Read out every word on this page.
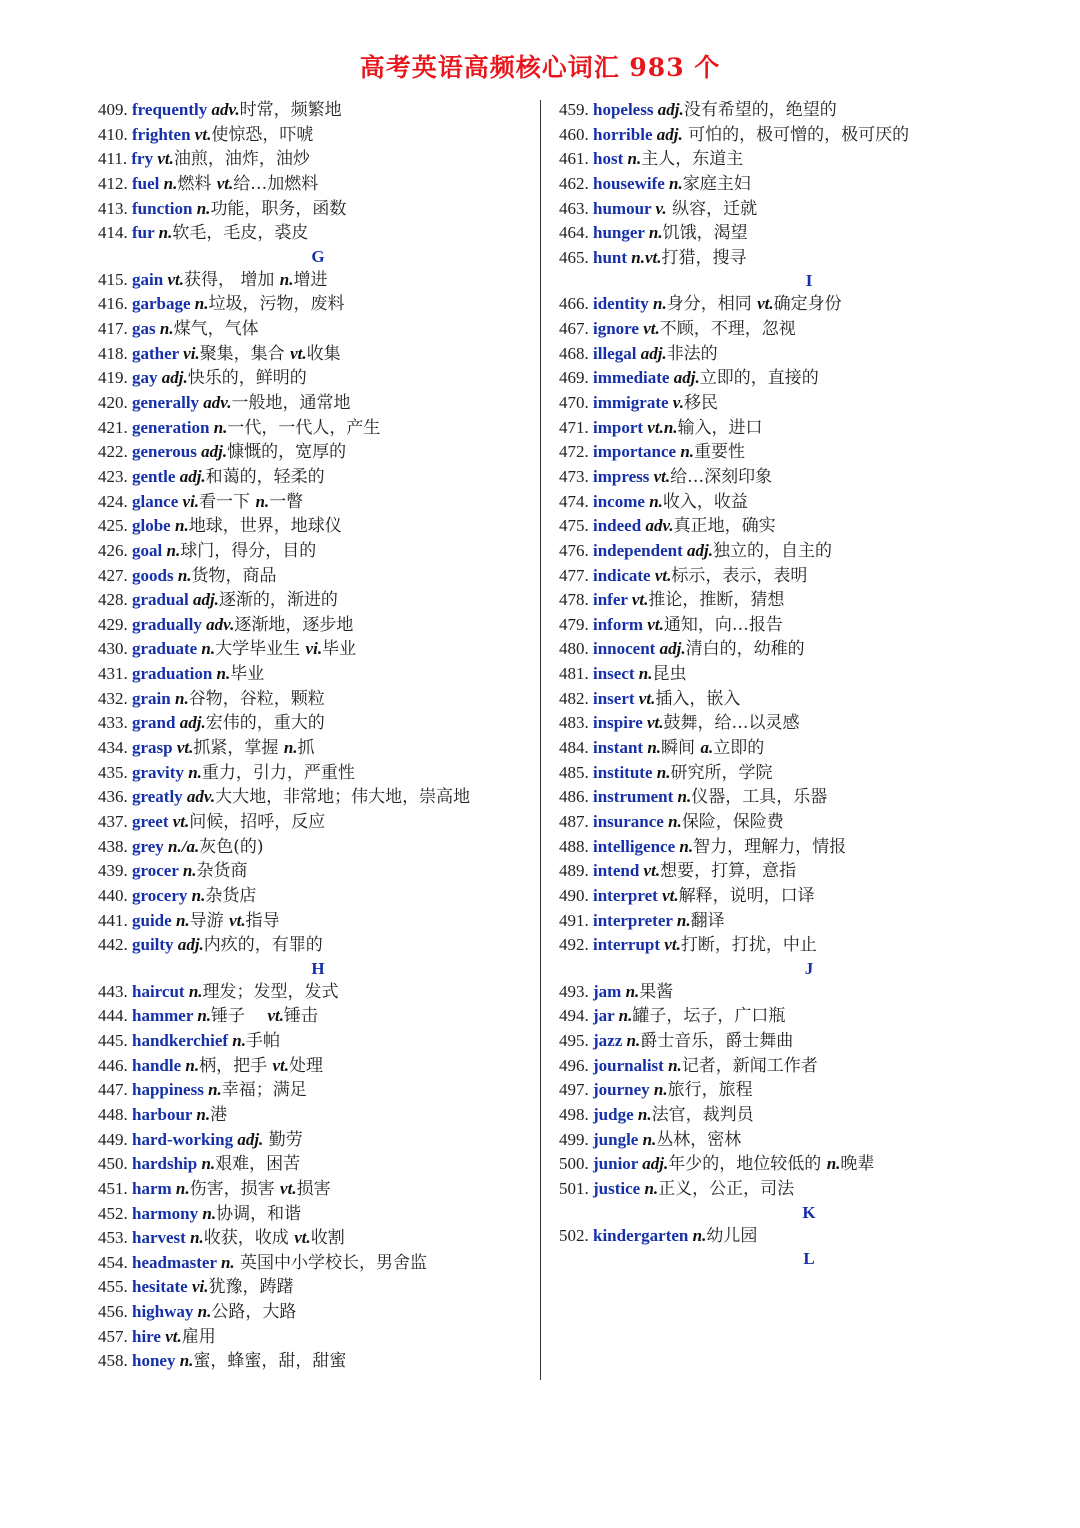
高考英语高频核心词汇 983 个
409. frequently adv.时常，频繁地
410. frighten vt.使惊恐，吓唬
411. fry vt.油煎，油炸，油炒
412. fuel n.燃料 vt.给…加燃料
413. function n.功能，职务，函数
414. fur n.软毛，毛皮，裘皮
G
415. gain vt.获得， 增加 n.增进
416. garbage n.垃圾，污物，废料
417. gas n.煤气，气体
418. gather vi.聚集，集合 vt.收集
419. gay adj.快乐的，鲜明的
420. generally adv.一般地，通常地
421. generation n.一代，一代人，产生
422. generous adj.慷慨的，宽厚的
423. gentle adj.和蔼的，轻柔的
424. glance vi.看一下 n.一瞥
425. globe n.地球，世界，地球仪
426. goal n.球门，得分，目的
427. goods n.货物，商品
428. gradual adj.逐渐的，渐进的
429. gradually adv.逐渐地，逐步地
430. graduate n.大学毕业生 vi.毕业
431. graduation n.毕业
432. grain n.谷物，谷粒，颗粒
433. grand adj.宏伟的，重大的
434. grasp vt.抓紧，掌握 n.抓
435. gravity n.重力，引力，严重性
436. greatly adv.大大地，非常地；伟大地，崇高地
437. greet vt.问候，招呼，反应
438. grey n./a.灰色(的)
439. grocer n.杂货商
440. grocery n.杂货店
441. guide n.导游 vt.指导
442. guilty adj.内疚的，有罪的
H
443. haircut n.理发；发型，发式
444. hammer n.锤子 　vt.锤击
445. handkerchief n.手帕
446. handle n.柄，把手 vt.处理
447. happiness n.幸福；满足
448. harbour n.港
449. hard-working adj. 勤劳
450. hardship n.艰难，困苦
451. harm n.伤害，损害 vt.损害
452. harmony n.协调，和谐
453. harvest n.收获，收成 vt.收割
454. headmaster n. 英国中小学校长，男舍监
455. hesitate vi.犹豫，踌躇
456. highway n.公路，大路
457. hire vt.雇用
458. honey n.蜜，蜂蜜，甜，甜蜜
459. hopeless adj.没有希望的，绝望的
460. horrible adj. 可怕的，极可憎的，极可厌的
461. host n.主人，东道主
462. housewife n.家庭主妇
463. humour v. 纵容，迁就
464. hunger n.饥饿，渴望
465. hunt n.vt.打猎，搜寻
I
466. identity n.身分，相同 vt.确定身份
467. ignore vt.不顾，不理，忽视
468. illegal adj.非法的
469. immediate adj.立即的，直接的
470. immigrate v.移民
471. import vt.n.输入，进口
472. importance n.重要性
473. impress vt.给…深刻印象
474. income n.收入，收益
475. indeed adv.真正地，确实
476. independent adj.独立的，自主的
477. indicate vt.标示，表示，表明
478. infer vt.推论，推断，猜想
479. inform vt.通知，向…报告
480. innocent adj.清白的，幼稚的
481. insect n.昆虫
482. insert vt.插入，嵌入
483. inspire vt.鼓舞，给…以灵感
484. instant n.瞬间 a.立即的
485. institute n.研究所，学院
486. instrument n.仪器，工具，乐器
487. insurance n.保险，保险费
488. intelligence n.智力，理解力，情报
489. intend vt.想要，打算，意指
490. interpret vt.解释，说明，口译
491. interpreter n.翻译
492. interrupt vt.打断，打扰，中止
J
493. jam n.果酱
494. jar n.罐子，坛子，广口瓶
495. jazz n.爵士音乐，爵士舞曲
496. journalist n.记者，新闻工作者
497. journey n.旅行，旅程
498. judge n.法官，裁判员
499. jungle n.丛林，密林
500. junior adj.年少的，地位较低的 n.晚辈
501. justice n.正义，公正，司法
K
502. kindergarten n.幼儿园
L
